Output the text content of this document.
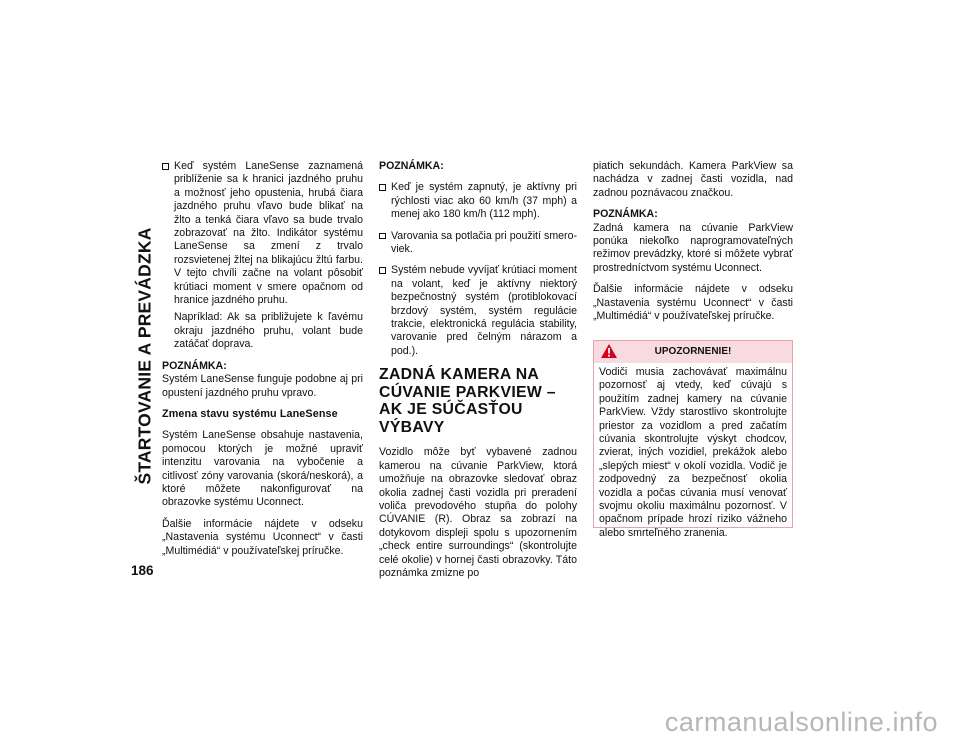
ŠTARTOVANIE A PREVÁDZKA
186
Keď systém LaneSense zaznamená priblíženie sa k hranici jazdného pruhu a možnosť jeho opustenia, hrubá čiara jazdného pruhu vľavo bude blikať na žlto a tenká čiara vľavo sa bude trvalo zobrazovať na žlto. Indikátor systému LaneSense sa zmení z trvalo rozsvietenej žltej na blikajúcu žltú farbu. V tejto chvíli začne na volant pôsobiť krútiaci moment v smere opačnom od hranice jazdného pruhu.

Napríklad: Ak sa približujete k ľavému okraju jazdného pruhu, volant bude zatáčať doprava.

POZNÁMKA:

Systém LaneSense funguje podobne aj pri opustení jazdného pruhu vpravo.

Zmena stavu systému LaneSense

Systém LaneSense obsahuje nastavenia, pomocou ktorých je možné upraviť intenzitu varovania na vybočenie a citlivosť zóny varovania (skorá/neskorá), a ktoré môžete nakonfigurovať na obrazovke systému Uconnect.

Ďalšie informácie nájdete v odseku „Nastavenia systému Uconnect“ v časti „Multimédiá“ v používateľskej príručke.

POZNÁMKA:

Keď je systém zapnutý, je aktívny pri rýchlosti viac ako 60 km/h (37 mph) a menej ako 180 km/h (112 mph).
Varovania sa potlačia pri použití smeroviek.
Systém nebude vyvíjať krútiaci moment na volant, keď je aktívny niektorý bezpečnostný systém (protiblokovací brzdový systém, systém regulácie trakcie, elektronická regulácia stability, varovanie pred čelným nárazom a pod.).
ZADNÁ KAMERA NA CÚVANIE PARKVIEW – AK JE SÚČASŤOU VÝBAVY

Vozidlo môže byť vybavené zadnou kamerou na cúvanie ParkView, ktorá umožňuje na obrazovke sledovať obraz okolia zadnej časti vozidla pri preradení voliča prevodového stupňa do polohy CÚVANIE (R). Obraz sa zobrazí na dotykovom displeji spolu s upozornením „check entire surroundings“ (skontrolujte celé okolie) v hornej časti obrazovky. Táto poznámka zmizne po

piatich sekundách. Kamera ParkView sa nachádza v zadnej časti vozidla, nad zadnou poznávacou značkou.

POZNÁMKA:

Zadná kamera na cúvanie ParkView ponúka niekoľko naprogramovateľných režimov prevádzky, ktoré si môžete vybrať prostredníctvom systému Uconnect.

Ďalšie informácie nájdete v odseku „Nastavenia systému Uconnect“ v časti „Multimédiá“ v používateľskej príručke.

UPOZORNENIE!
Vodiči musia zachovávať maximálnu pozornosť aj vtedy, keď cúvajú s použitím zadnej kamery na cúvanie ParkView. Vždy starostlivo skontrolujte priestor za vozidlom a pred začatím cúvania skontrolujte výskyt chodcov, zvierat, iných vozidiel, prekážok alebo „slepých miest“ v okolí vozidla. Vodič je zodpovedný za bezpečnosť okolia vozidla a počas cúvania musí venovať svojmu okoliu maximálnu pozornosť. V opačnom prípade hrozí riziko vážneho alebo smrteľného zranenia.
carmanualsonline.info
